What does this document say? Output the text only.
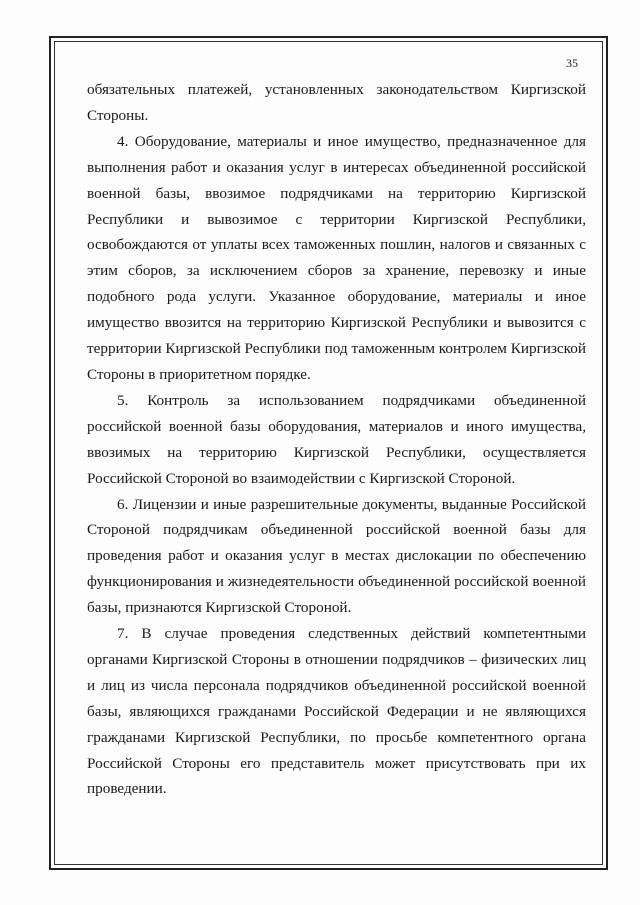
35

обязательных платежей, установленных законодательством Киргизской Стороны.

4. Оборудование, материалы и иное имущество, предназначенное для выполнения работ и оказания услуг в интересах объединенной российской военной базы, ввозимое подрядчиками на территорию Киргизской Республики и вывозимое с территории Киргизской Республики, освобождаются от уплаты всех таможенных пошлин, налогов и связанных с этим сборов, за исключением сборов за хранение, перевозку и иные подобного рода услуги. Указанное оборудование, материалы и иное имущество ввозится на территорию Киргизской Республики и вывозится с территории Киргизской Республики под таможенным контролем Киргизской Стороны в приоритетном порядке.

5. Контроль за использованием подрядчиками объединенной российской военной базы оборудования, материалов и иного имущества, ввозимых на территорию Киргизской Республики, осуществляется Российской Стороной во взаимодействии с Киргизской Стороной.

6. Лицензии и иные разрешительные документы, выданные Российской Стороной подрядчикам объединенной российской военной базы для проведения работ и оказания услуг в местах дислокации по обеспечению функционирования и жизнедеятельности объединенной российской военной базы, признаются Киргизской Стороной.

7. В случае проведения следственных действий компетентными органами Киргизской Стороны в отношении подрядчиков – физических лиц и лиц из числа персонала подрядчиков объединенной российской военной базы, являющихся гражданами Российской Федерации и не являющихся гражданами Киргизской Республики, по просьбе компетентного органа Российской Стороны его представитель может присутствовать при их проведении.
